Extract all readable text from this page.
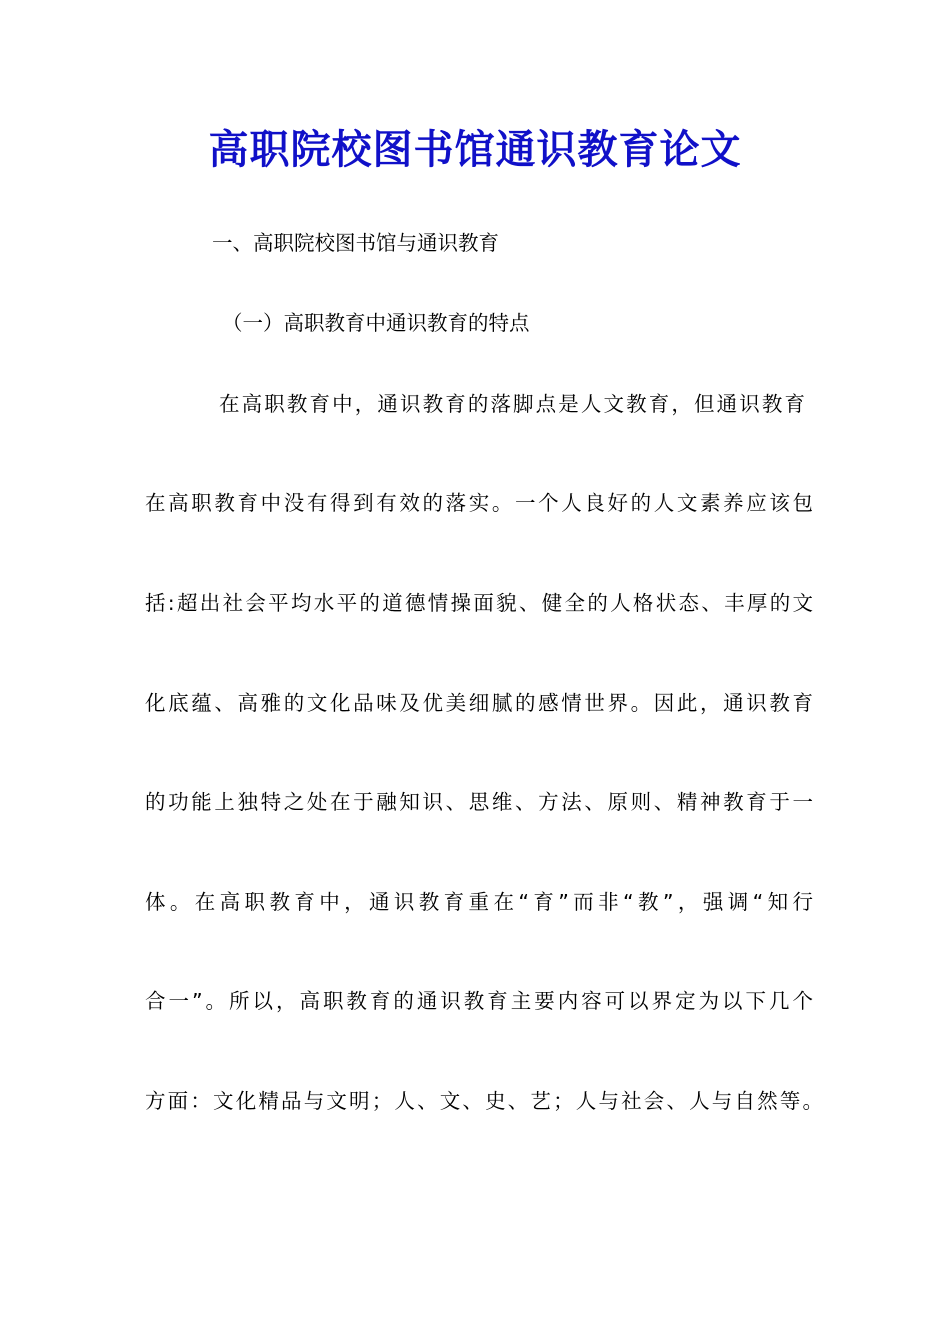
高职院校图书馆通识教育论文
一、高职院校图书馆与通识教育
（一）高职教育中通识教育的特点
在高职教育中，通识教育的落脚点是人文教育，但通识教育
在高职教育中没有得到有效的落实。一个人良好的人文素养应该包
括:超出社会平均水平的道德情操面貌、健全的人格状态、丰厚的文
化底蕴、高雅的文化品味及优美细腻的感情世界。因此，通识教育
的功能上独特之处在于融知识、思维、方法、原则、精神教育于一
体。在高职教育中，通识教育重在“育”而非“教”，强调“知行
合一”。所以，高职教育的通识教育主要内容可以界定为以下几个
方面：文化精品与文明；人、文、史、艺；人与社会、人与自然等。
